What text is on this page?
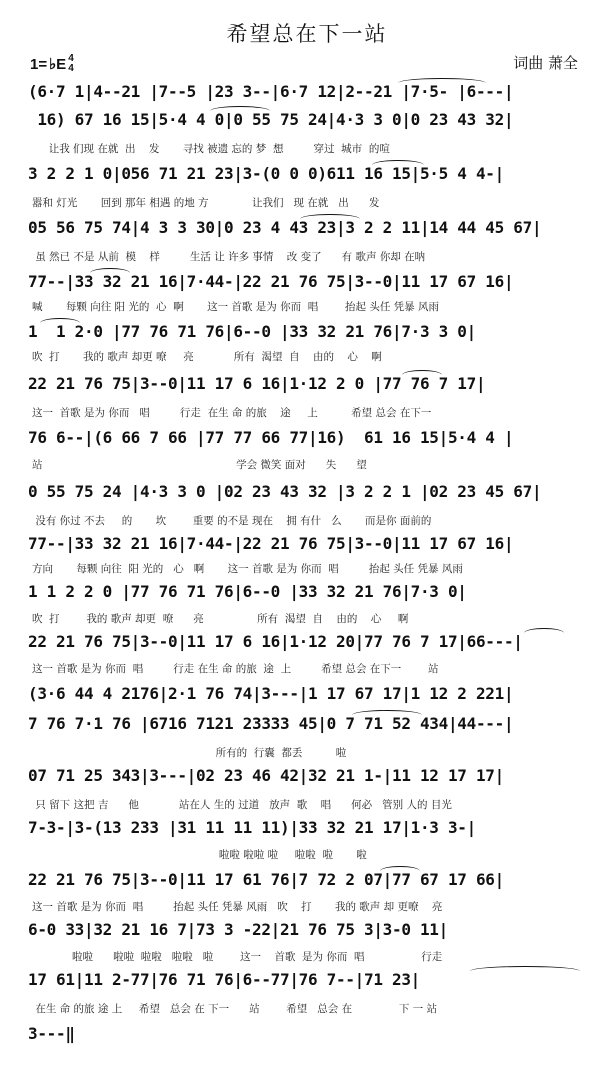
希望总在下一站
1= ♭E 4
4	词曲 萧全
(6·7 1|4--21 |7--5 |23 3--|6·7 12|2--21 |7·5- |6---|
16) 67 16 15|5·4 4 0|0 55 75 24|4·3 3 0|0 23 43 32|
让我 们现 在就  出    发       寻找 被遗 忘的 梦  想         穿过  城市  的喧
3 2 2 1 0|056 71 21 23|3-(0 0 0)611 16 15|5·5 4 4-|
嚣和 灯光       回到 那年 相遇 的地 方             让我们   现 在就   出      发
05 56 75 74|4 3 3 30|0 23 4 43 23|3 2 2 11|14 44 45 67|
虽 然已 不是 从前  模    样         生活 让 许多 事情    改 变了      有 歌声 你却 在呐
77--|33 32 21 16|7·44-|22 21 76 75|3--0|11 17 67 16|
喊       每颗 向往 阳 光的  心  啊       这一 首歌 是为 你而  唱        抬起 头任 凭暴 风雨
1  1 2·0 |77 76 71 76|6--0 |33 32 21 76|7·3 3 0|
吹  打       我的 歌声 却更 嘹     亮            所有  渴望  自    由的    心    啊
22 21 76 75|3--0|11 17 6 16|1·12 2 0 |77 76 7 17|
这一  首歌 是为 你而   唱         行走  在生 命 的旅    途     上          希望 总会 在下一
76 6--|(6 66 7 66 |77 77 66 77|16)  61 16 15|5·4 4 |
站                                                          学会 微笑 面对      失      望
0 55 75 24 |4·3 3 0 |02 23 43 32 |3 2 2 1 |02 23 45 67|
没有 你过 不去     的       坎        重要 的不是 现在    拥 有什   么       而是你 面前的
77--|33 32 21 16|7·44-|22 21 76 75|3--0|11 17 67 16|
方向       每颗 向往  阳 光的   心   啊       这一 首歌 是为 你而  唱         抬起 头任 凭暴 风雨
1 1 2 2 0 |77 76 71 76|6--0 |33 32 21 76|7·3 0|
吹  打        我的 歌声 却更  嘹      亮                所有  渴望  自    由的    心     啊
22 21 76 75|3--0|11 17 6 16|1·12 20|77 76 7 17|66---|
这一 首歌 是为 你而  唱         行走 在生 命 的旅  途  上         希望 总会 在下一        站
(3·6 44 4 2176|2·1 76 74|3---|1 17 67 17|1 12 2 221|
7 76 7·1 76 |6716 7121 23333 45|0 7 71 52 434|44---|
所有的  行囊  都丢          啦
07 71 25 343|3---|02 23 46 42|32 21 1-|11 12 17 17|
只 留下 这把 吉      他            站在人 生的 过道   放声  歌    唱      何必   管别 人的 目光
7-3-|3-(13 233 |31 11 11 11)|33 32 21 17|1·3 3-|
啦啦 啦啦 啦     啦啦  啦       啦
22 21 76 75|3--0|11 17 61 76|7 72 2 07|77 67 17 66|
这一 首歌 是为 你而  唱         抬起 头任 凭暴 风雨   吹    打       我的 歌声 却 更嘹    亮
6-0 33|32 21 16 7|73 3 -22|21 76 75 3|3-0 11|
啦啦      啦啦  啦啦   啦啦   啦        这一    首歌  是为 你而  唱                 行走
17 61|11 2-77|76 71 76|6--77|76 7--|71 23|
在生 命 的旅 途 上     希望   总会 在 下一      站        希望   总会 在              下 一 站
3---‖
